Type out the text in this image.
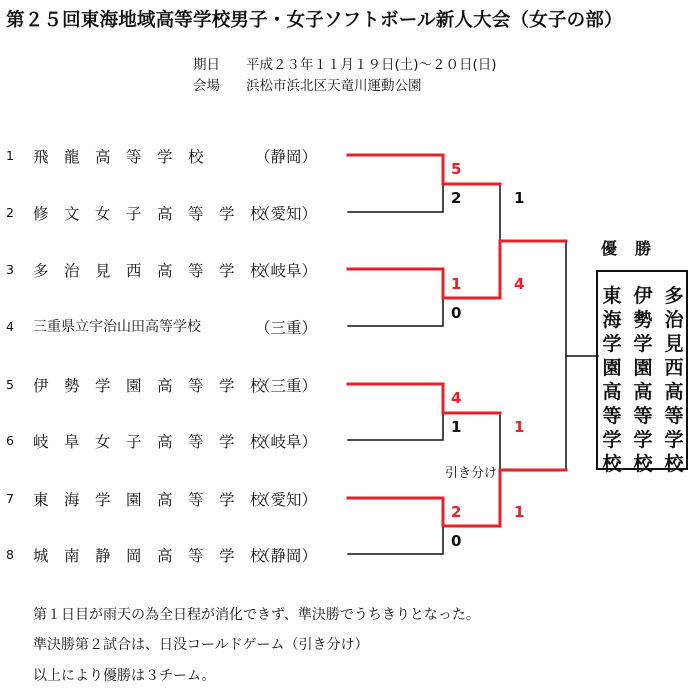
第２５回東海地域高等学校男子・女子ソフトボール新人大会（女子の部）
期日 平成２３年１１月１９日(土)〜２０日(日)
会場 浜松市浜北区天竜川運動公園
1 飛　龍　高　等　学　校	（静岡）
2 修　文　女　子　高　等　学　校
（愛知）
3 多　治　見　西　高　等　学　校
（岐阜）
4 三重県立宇治山田高等学校	（三重）
5 伊　勢　学　園　高　等　学　校
（三重）
6 岐　阜　女　子　高　等　学　校
（岐阜）
7 東　海　学　園　高　等　学　校
（愛知）
8 城　南　静　岡　高　等　学　校
（静岡）
5
2
1
0
4
1
2
0
1
4
1
1
引き分け
優勝
多治見西高等学校
伊勢学園高等学校
東海学園高等学校
第１日目が雨天の為全日程が消化できず、準決勝でうちきりとなった。
準決勝第２試合は、日没コールドゲーム（引き分け）
以上により優勝は３チーム。
